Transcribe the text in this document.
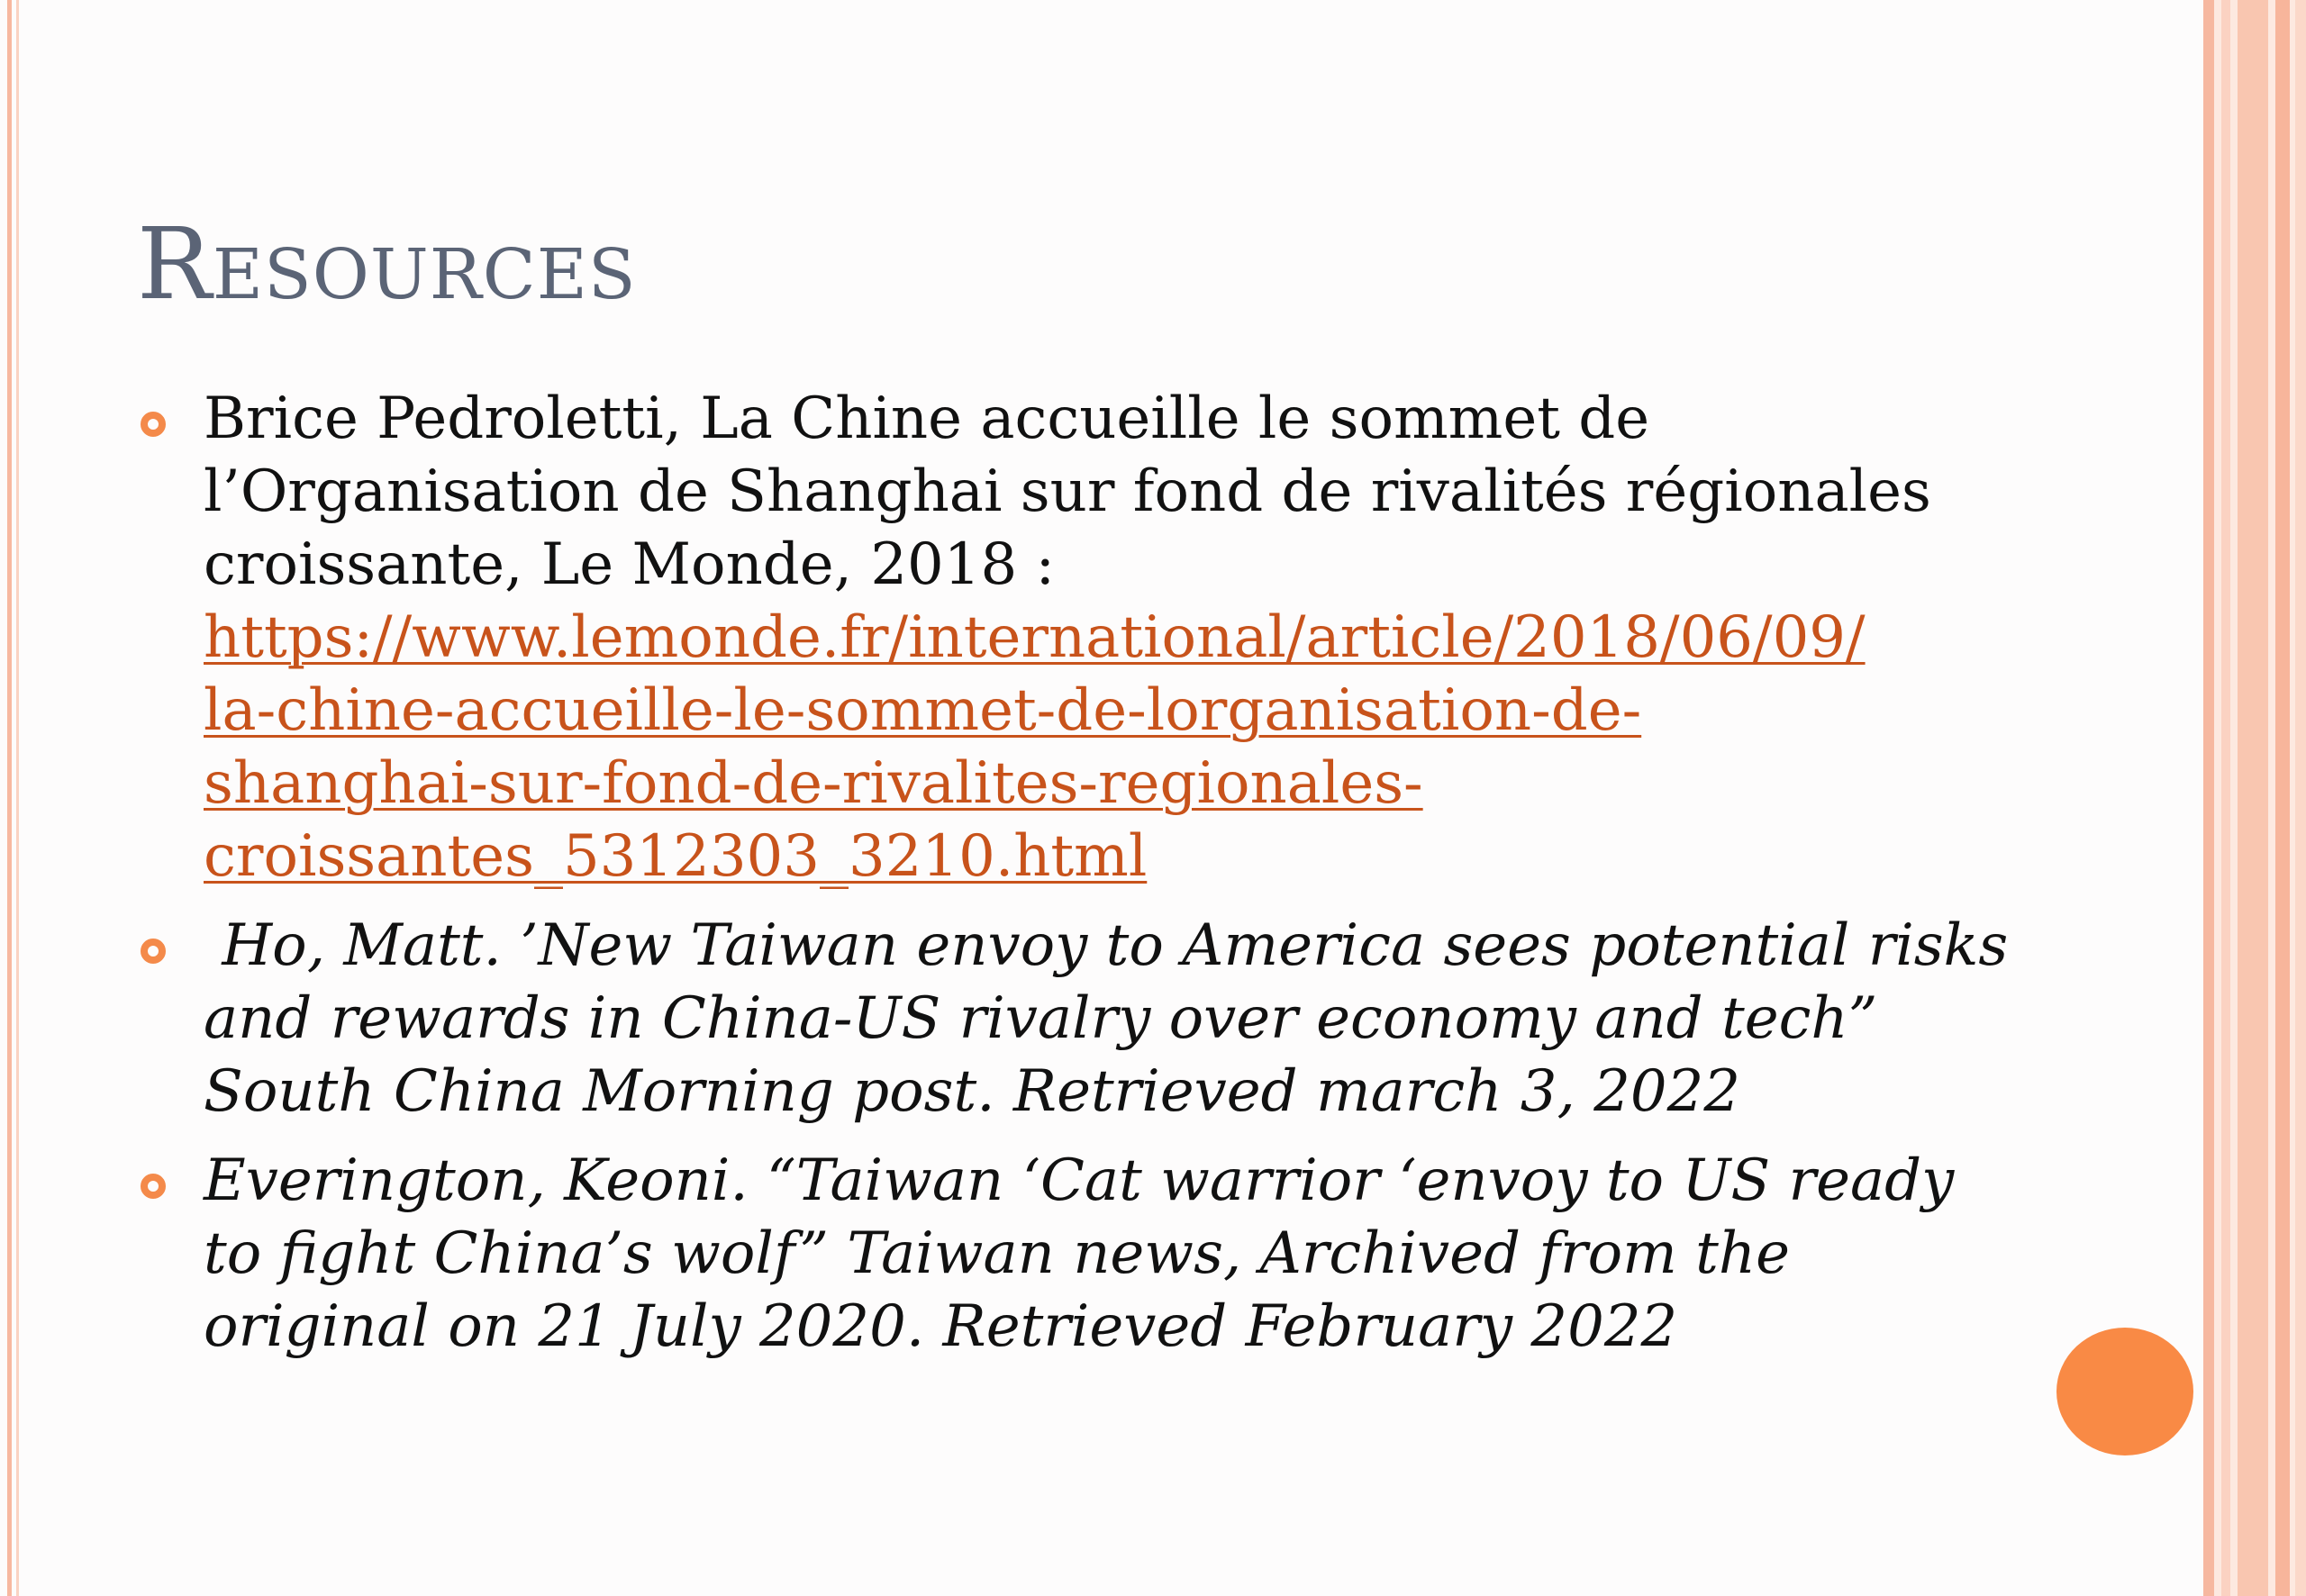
Resources
Brice Pedroletti, La Chine accueille le sommet de l’Organisation de Shanghai sur fond de rivalités régionales croissante, Le Monde, 2018 :
https://www.lemonde.fr/international/article/2018/06/09/
la-chine-accueille-le-sommet-de-lorganisation-de-
shanghai-sur-fond-de-rivalites-regionales-
croissantes_5312303_3210.html
Ho, Matt. ’New Taiwan envoy to America sees potential risks and rewards in China-US rivalry over economy and tech” South China Morning post. Retrieved march 3, 2022
Everington, Keoni. “Taiwan ‘Cat warrior ‘envoy to US ready to fight China’s wolf” Taiwan news, Archived from the original on 21 July 2020. Retrieved February 2022
